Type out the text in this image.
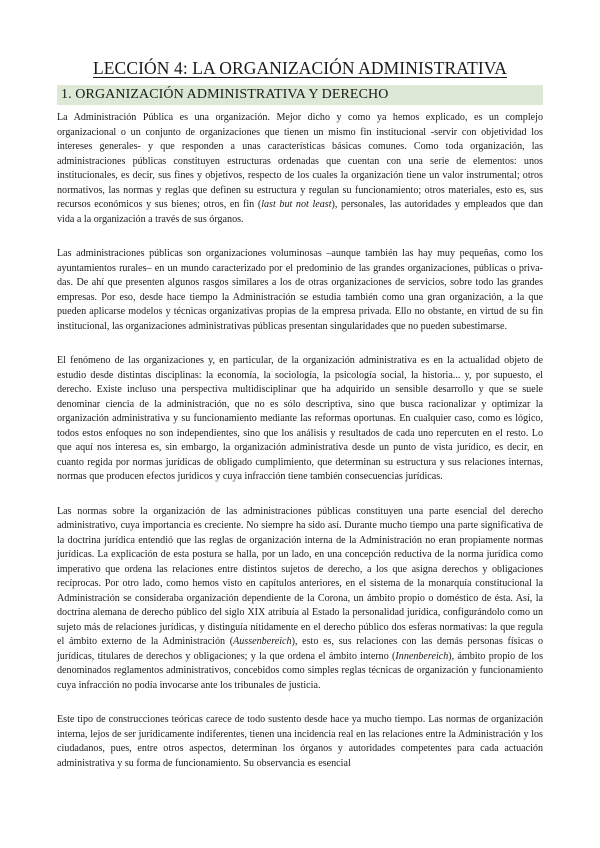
LECCIÓN 4: LA ORGANIZACIÓN ADMINISTRATIVA
1. ORGANIZACIÓN ADMINISTRATIVA Y DERECHO

La Administración Pública es una organización. Mejor dicho y como ya hemos explicado, es un complejo organizacional o un conjunto de organizaciones que tienen un mismo fin institucional -servir con objetividad los intereses generales- y que responden a unas características básicas comunes. Como toda organización, las administraciones públicas constituyen estructuras ordenadas que cuentan con una serie de elementos: unos institucionales, es decir, sus fines y objetivos, respecto de los cuales la organización tiene un valor instrumental; otros normativos, las normas y reglas que definen su estructura y regulan su funcionamiento; otros materiales, esto es, sus recursos económicos y sus bienes; otros, en fin (last but not least), personales, las autoridades y empleados que dan vida a la organización a través de sus órganos.

Las administraciones públicas son organizaciones voluminosas –aunque también las hay muy pequeñas, como los ayuntamientos rurales– en un mundo caracterizado por el predominio de las grandes organizaciones, públicas o priva- das. De ahí que presenten algunos rasgos similares a los de otras organizaciones de servicios, sobre todo las grandes empresas. Por eso, desde hace tiempo la Administración se estudia también como una gran organización, a la que pueden aplicarse modelos y técnicas organizativas propias de la empresa privada. Ello no obstante, en virtud de su fin institucional, las organizaciones administrativas públicas presentan singularidades que no pueden subestimarse.

El fenómeno de las organizaciones y, en particular, de la organización administrativa es en la actualidad objeto de estudio desde distintas disciplinas: la economía, la sociología, la psicología social, la historia... y, por supuesto, el derecho. Existe incluso una perspectiva multidisciplinar que ha adquirido un sensible desarrollo y que se suele denominar ciencia de la administración, que no es sólo descriptiva, sino que busca racionalizar y optimizar la organización administrativa y su funcionamiento mediante las reformas oportunas. En cualquier caso, como es lógico, todos estos enfoques no son independientes, sino que los análisis y resultados de cada uno repercuten en el resto. Lo que aquí nos interesa es, sin embargo, la organización administrativa desde un punto de vista jurídico, es decir, en cuanto regida por normas jurídicas de obligado cumplimiento, que determinan su estructura y sus relaciones internas, normas que producen efectos jurídicos y cuya infracción tiene también consecuencias jurídicas.

Las normas sobre la organización de las administraciones públicas constituyen una parte esencial del derecho administrativo, cuya importancia es creciente. No siempre ha sido así. Durante mucho tiempo una parte significativa de la doctrina jurídica entendió que las reglas de organización interna de la Administración no eran propiamente normas jurídicas. La explicación de esta postura se halla, por un lado, en una concepción reductiva de la norma jurídica como imperativo que ordena las relaciones entre distintos sujetos de derecho, a los que asigna derechos y obligaciones recíprocas. Por otro lado, como hemos visto en capítulos anteriores, en el sistema de la monarquía constitucional la Administración se consideraba organización dependiente de la Corona, un ámbito propio o doméstico de ésta. Así, la doctrina alemana de derecho público del siglo XIX atribuía al Estado la personalidad jurídica, configurándolo como un sujeto más de relaciones jurídicas, y distinguía nítidamente en el derecho público dos esferas normativas: la que regula el ámbito externo de la Administración (Aussenbereich), esto es, sus relaciones con las demás personas físicas o jurídicas, titulares de derechos y obligaciones; y la que ordena el ámbito interno (Innenbereich), ámbito propio de los denominados reglamentos administrativos, concebidos como simples reglas técnicas de organización y funcionamiento cuya infracción no podía invocarse ante los tribunales de justicia.

Este tipo de construcciones teóricas carece de todo sustento desde hace ya mucho tiempo. Las normas de organización interna, lejos de ser jurídicamente indiferentes, tienen una incidencia real en las relaciones entre la Administración y los ciudadanos, pues, entre otros aspectos, determinan los órganos y autoridades competentes para cada actuación administrativa y su forma de funcionamiento. Su observancia es esencial
